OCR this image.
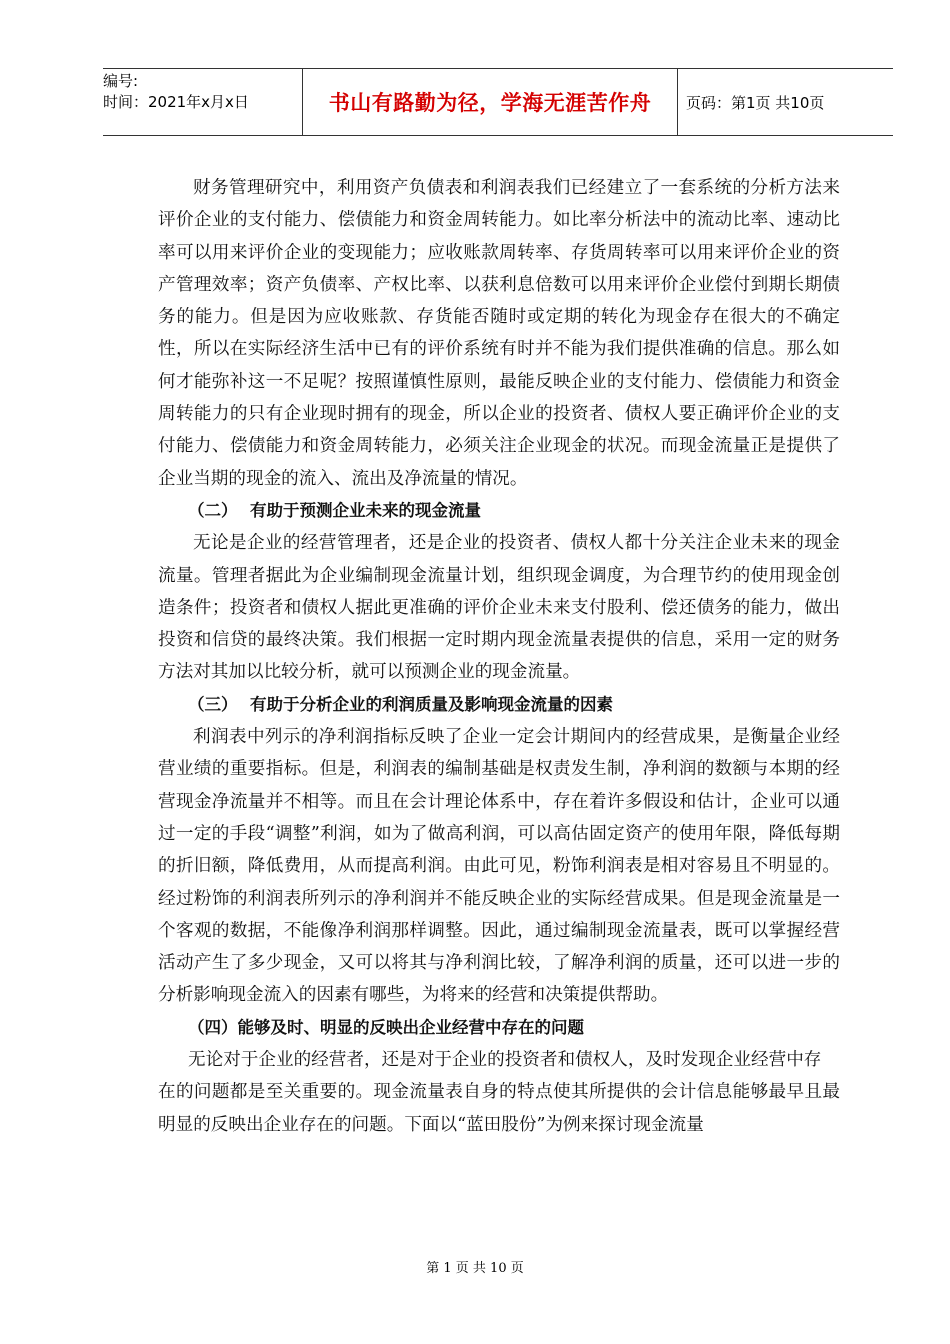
编号:
时间：2021年x月x日	书山有路勤为径，学海无涯苦作舟	页码：第1页 共10页

财务管理研究中，利用资产负债表和利润表我们已经建立了一套系统的分析方法来评价企业的支付能力、偿债能力和资金周转能力。如比率分析法中的流动比率、速动比率可以用来评价企业的变现能力；应收账款周转率、存货周转率可以用来评价企业的资产管理效率；资产负债率、产权比率、以获利息倍数可以用来评价企业偿付到期长期债务的能力。但是因为应收账款、存货能否随时或定期的转化为现金存在很大的不确定性，所以在实际经济生活中已有的评价系统有时并不能为我们提供准确的信息。那么如何才能弥补这一不足呢？按照谨慎性原则，最能反映企业的支付能力、偿债能力和资金周转能力的只有企业现时拥有的现金，所以企业的投资者、债权人要正确评价企业的支付能力、偿债能力和资金周转能力，必须关注企业现金的状况。而现金流量正是提供了企业当期的现金的流入、流出及净流量的情况。

（二） 有助于预测企业未来的现金流量

无论是企业的经营管理者，还是企业的投资者、债权人都十分关注企业未来的现金流量。管理者据此为企业编制现金流量计划，组织现金调度，为合理节约的使用现金创造条件；投资者和债权人据此更准确的评价企业未来支付股利、偿还债务的能力，做出投资和信贷的最终决策。我们根据一定时期内现金流量表提供的信息，采用一定的财务方法对其加以比较分析，就可以预测企业的现金流量。

（三） 有助于分析企业的利润质量及影响现金流量的因素

利润表中列示的净利润指标反映了企业一定会计期间内的经营成果，是衡量企业经营业绩的重要指标。但是，利润表的编制基础是权责发生制，净利润的数额与本期的经营现金净流量并不相等。而且在会计理论体系中，存在着许多假设和估计，企业可以通过一定的手段“调整”利润，如为了做高利润，可以高估固定资产的使用年限，降低每期的折旧额，降低费用，从而提高利润。由此可见，粉饰利润表是相对容易且不明显的。经过粉饰的利润表所列示的净利润并不能反映企业的实际经营成果。但是现金流量是一个客观的数据，不能像净利润那样调整。因此，通过编制现金流量表，既可以掌握经营活动产生了多少现金，又可以将其与净利润比较，了解净利润的质量，还可以进一步的分析影响现金流入的因素有哪些，为将来的经营和决策提供帮助。

（四）能够及时、明显的反映出企业经营中存在的问题

无论对于企业的经营者，还是对于企业的投资者和债权人，及时发现企业经营中存

在的问题都是至关重要的。现金流量表自身的特点使其所提供的会计信息能够最早且最明显的反映出企业存在的问题。下面以“蓝田股份”为例来探讨现金流量

第 1 页 共 10 页
